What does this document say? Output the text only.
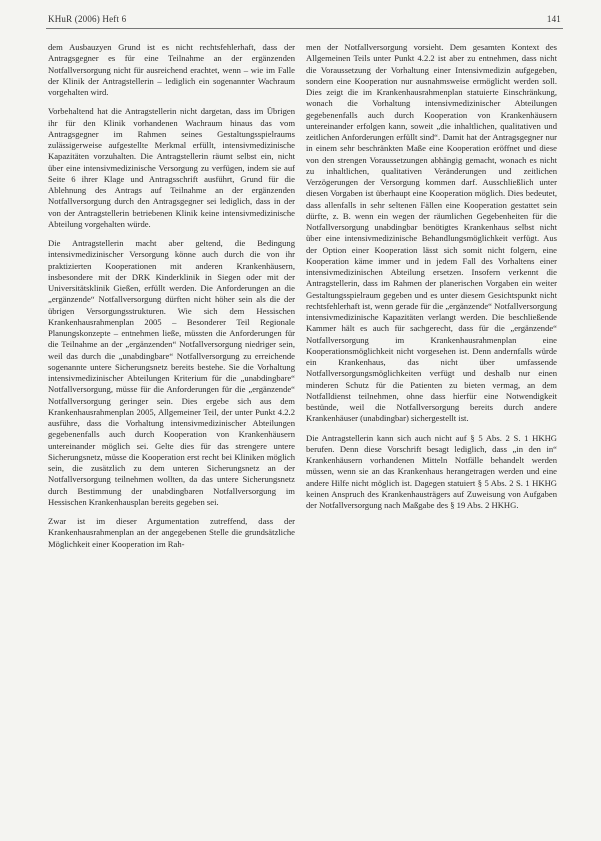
KHuR (2006) Heft 6	141

dem Ausbauzyen Grund ist es nicht rechtsfehlerhaft, dass der Antragsgegner es für eine Teilnahme an der ergänzenden Notfallversorgung nicht für ausreichend erachtet, wenn – wie im Falle der Klinik der Antragstellerin – lediglich ein sogenannter Wachraum vorgehalten wird.

Vorbehaltend hat die Antragstellerin nicht dargetan, dass im Übrigen ihr für den Klinik vorhandenen Wachraum hinaus das vom Antragsgegner im Rahmen seines Gestaltungsspielraums zulässigerweise aufgestellte Merkmal erfüllt, intensivmedizinische Kapazitäten vorzuhalten. Die Antragstellerin räumt selbst ein, nicht über eine intensivmedizinische Versorgung zu verfügen, indem sie auf Seite 6 ihrer Klage und Antragsschrift ausführt, Grund für die Ablehnung des Antrags auf Teilnahme an der ergänzenden Notfallversorgung durch den Antragsgegner sei lediglich, dass in der von der Antragstellerin betriebenen Klinik keine intensivmedizinische Abteilung vorgehalten würde.

Die Antragstellerin macht aber geltend, die Bedingung intensivmedizinischer Versorgung könne auch durch die von ihr praktizierten Kooperationen mit anderen Krankenhäusern, insbesondere mit der DRK Kinderklinik in Siegen oder mit der Universitätsklinik Gießen, erfüllt werden. Die Anforderungen an die „ergänzende“ Notfallversorgung dürften nicht höher sein als die der übrigen Versorgungsstrukturen. Wie sich dem Hessischen Krankenhausrahmenplan 2005 – Besonderer Teil Regionale Planungskonzepte – entnehmen ließe, müssten die Anforderungen für die Teilnahme an der „ergänzenden“ Notfallversorgung niedriger sein, weil das durch die „unabdingbare“ Notfallversorgung zu erreichende sogenannte untere Sicherungsnetz bereits bestehe. Sie die Vorhaltung intensivmedizinischer Abteilungen Kriterium für die „unabdingbare“ Notfallversorgung, müsse für die Anforderungen für die „ergänzende“ Notfallversorgung geringer sein. Dies ergebe sich aus dem Krankenhausrahmenplan 2005, Allgemeiner Teil, der unter Punkt 4.2.2 ausführe, dass die Vorhaltung intensivmedizinischer Abteilungen gegebenenfalls auch durch Kooperation von Krankenhäusern untereinander möglich sei. Gelte dies für das strengere untere Sicherungsnetz, müsse die Kooperation erst recht bei Kliniken möglich sein, die zusätzlich zu dem unteren Sicherungsnetz an der Notfallversorgung teilnehmen wollten, da das untere Sicherungsnetz durch Bestimmung der unabdingbaren Notfallversorgung im Hessischen Krankenhausplan bereits gegeben sei.

Zwar ist im dieser Argumentation zutreffend, dass der Krankenhausrahmenplan an der angegebenen Stelle die grundsätzliche Möglichkeit einer Kooperation im Rah-

men der Notfallversorgung vorsieht. Dem gesamten Kontext des Allgemeinen Teils unter Punkt 4.2.2 ist aber zu entnehmen, dass nicht die Voraussetzung der Vorhaltung einer Intensivmedizin aufgegeben, sondern eine Kooperation nur ausnahmsweise ermöglicht werden soll. Dies zeigt die im Krankenhausrahmenplan statuierte Einschränkung, wonach die Vorhaltung intensivmedizinischer Abteilungen gegebenenfalls auch durch Kooperation von Krankenhäusern untereinander erfolgen kann, soweit „die inhaltlichen, qualitativen und zeitlichen Anforderungen erfüllt sind“. Damit hat der Antragsgegner nur in einem sehr beschränkten Maße eine Kooperation eröffnet und diese von den strengen Voraussetzungen abhängig gemacht, wonach es nicht zu inhaltlichen, qualitativen Veränderungen und zeitlichen Verzögerungen der Versorgung kommen darf. Ausschließlich unter diesen Vorgaben ist überhaupt eine Kooperation möglich. Dies bedeutet, dass allenfalls in sehr seltenen Fällen eine Kooperation gestattet sein dürfte, z. B. wenn ein wegen der räumlichen Gegebenheiten für die Notfallversorgung unabdingbar benötigtes Krankenhaus selbst nicht über eine intensivmedizinische Behandlungsmöglichkeit verfügt. Aus der Option einer Kooperation lässt sich somit nicht folgern, eine Kooperation käme immer und in jedem Fall des Vorhaltens einer intensivmedizinischen Abteilung ersetzen. Insofern verkennt die Antragstellerin, dass im Rahmen der planerischen Vorgaben ein weiter Gestaltungsspielraum gegeben und es unter diesem Gesichtspunkt nicht rechtsfehlerhaft ist, wenn gerade für die „ergänzende“ Notfallversorgung intensivmedizinische Kapazitäten verlangt werden. Die beschließende Kammer hält es auch für sachgerecht, dass für die „ergänzende“ Notfallversorgung im Krankenhausrahmenplan eine Kooperationsmöglichkeit nicht vorgesehen ist. Denn andernfalls würde ein Krankenhaus, das nicht über umfassende Notfallversorgungsmöglichkeiten verfügt und deshalb nur einen minderen Schutz für die Patienten zu bieten vermag, an dem Notfalldienst teilnehmen, ohne dass hierfür eine Notwendigkeit bestünde, weil die Notfallversorgung bereits durch andere Krankenhäuser (unabdingbar) sichergestellt ist.

Die Antragstellerin kann sich auch nicht auf § 5 Abs. 2 S. 1 HKHG berufen. Denn diese Vorschrift besagt lediglich, dass „in den in“ Krankenhäusern vorhandenen Mitteln Notfälle behandelt werden müssen, wenn sie an das Krankenhaus herangetragen werden und eine andere Hilfe nicht möglich ist. Dagegen statuiert § 5 Abs. 2 S. 1 HKHG keinen Anspruch des Krankenhausträgers auf Zuweisung von Aufgaben der Notfallversorgung nach Maßgabe des § 19 Abs. 2 HKHG.
